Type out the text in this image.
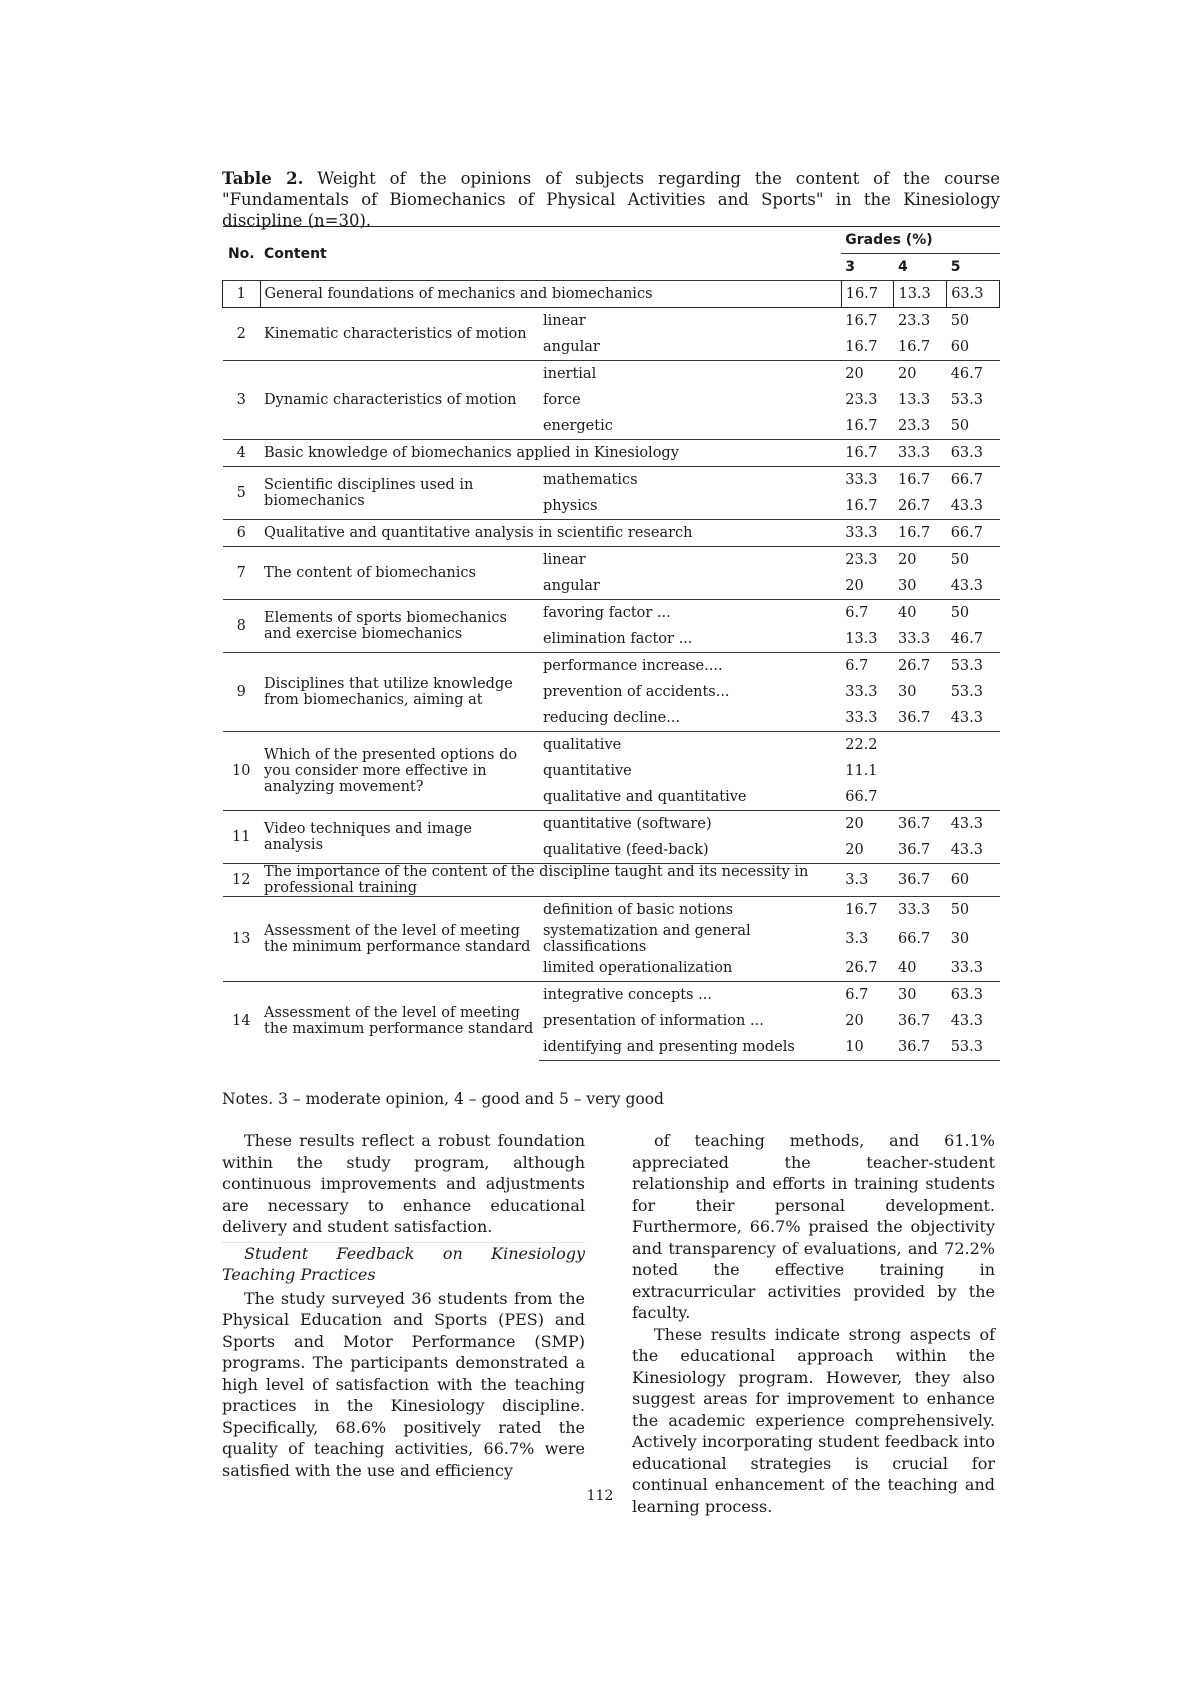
Table 2. Weight of the opinions of subjects regarding the content of the course "Fundamentals of Biomechanics of Physical Activities and Sports" in the Kinesiology discipline (n=30).
No.	Content		Grades (%)		
			3	4	5
1	General foundations of mechanics and biomechanics		16.7	13.3	63.3
2	Kinematic characteristics of motion	linear	16.7	23.3	50
		angular	16.7	16.7	60
3	Dynamic characteristics of motion	inertial	20	20	46.7
		force	23.3	13.3	53.3
		energetic	16.7	23.3	50
4	Basic knowledge of biomechanics applied in Kinesiology		16.7	33.3	63.3
5	Scientific disciplines used in biomechanics	mathematics	33.3	16.7	66.7
		physics	16.7	26.7	43.3
6	Qualitative and quantitative analysis in scientific research		33.3	16.7	66.7
7	The content of biomechanics	linear	23.3	20	50
		angular	20	30	43.3
8	Elements of sports biomechanics and exercise biomechanics	favoring factor ...	6.7	40	50
		elimination factor ...	13.3	33.3	46.7
9	Disciplines that utilize knowledge from biomechanics, aiming at	performance increase....	6.7	26.7	53.3
		prevention of accidents...	33.3	30	53.3
		reducing decline...	33.3	36.7	43.3
10	Which of the presented options do you consider more effective in analyzing movement?	qualitative	22.2		
		quantitative	11.1		
		qualitative and quantitative	66.7		
11	Video techniques and image analysis	quantitative (software)	20	36.7	43.3
		qualitative (feed-back)	20	36.7	43.3
12	The importance of the content of the discipline taught and its necessity in professional training		3.3	36.7	60
13	Assessment of the level of meeting the minimum performance standard	definition of basic notions	16.7	33.3	50
		systematization and general classifications	3.3	66.7	30
		limited operationalization	26.7	40	33.3
14	Assessment of the level of meeting the maximum performance standard	integrative concepts ...	6.7	30	63.3
		presentation of information ...	20	36.7	43.3
		identifying and presenting models	10	36.7	53.3
Notes. 3 – moderate opinion, 4 – good and 5 – very good

These results reflect a robust foundation within the study program, although continuous improvements and adjustments are necessary to enhance educational delivery and student satisfaction.

Student Feedback on Kinesiology Teaching Practices

The study surveyed 36 students from the Physical Education and Sports (PES) and Sports and Motor Performance (SMP) programs. The participants demonstrated a high level of satisfaction with the teaching practices in the Kinesiology discipline. Specifically, 68.6% positively rated the quality of teaching activities, 66.7% were satisfied with the use and efficiency

of teaching methods, and 61.1% appreciated the teacher-student relationship and efforts in training students for their personal development. Furthermore, 66.7% praised the objectivity and transparency of evaluations, and 72.2% noted the effective training in extracurricular activities provided by the faculty.

These results indicate strong aspects of the educational approach within the Kinesiology program. However, they also suggest areas for improvement to enhance the academic experience comprehensively. Actively incorporating student feedback into educational strategies is crucial for continual enhancement of the teaching and learning process.

112
